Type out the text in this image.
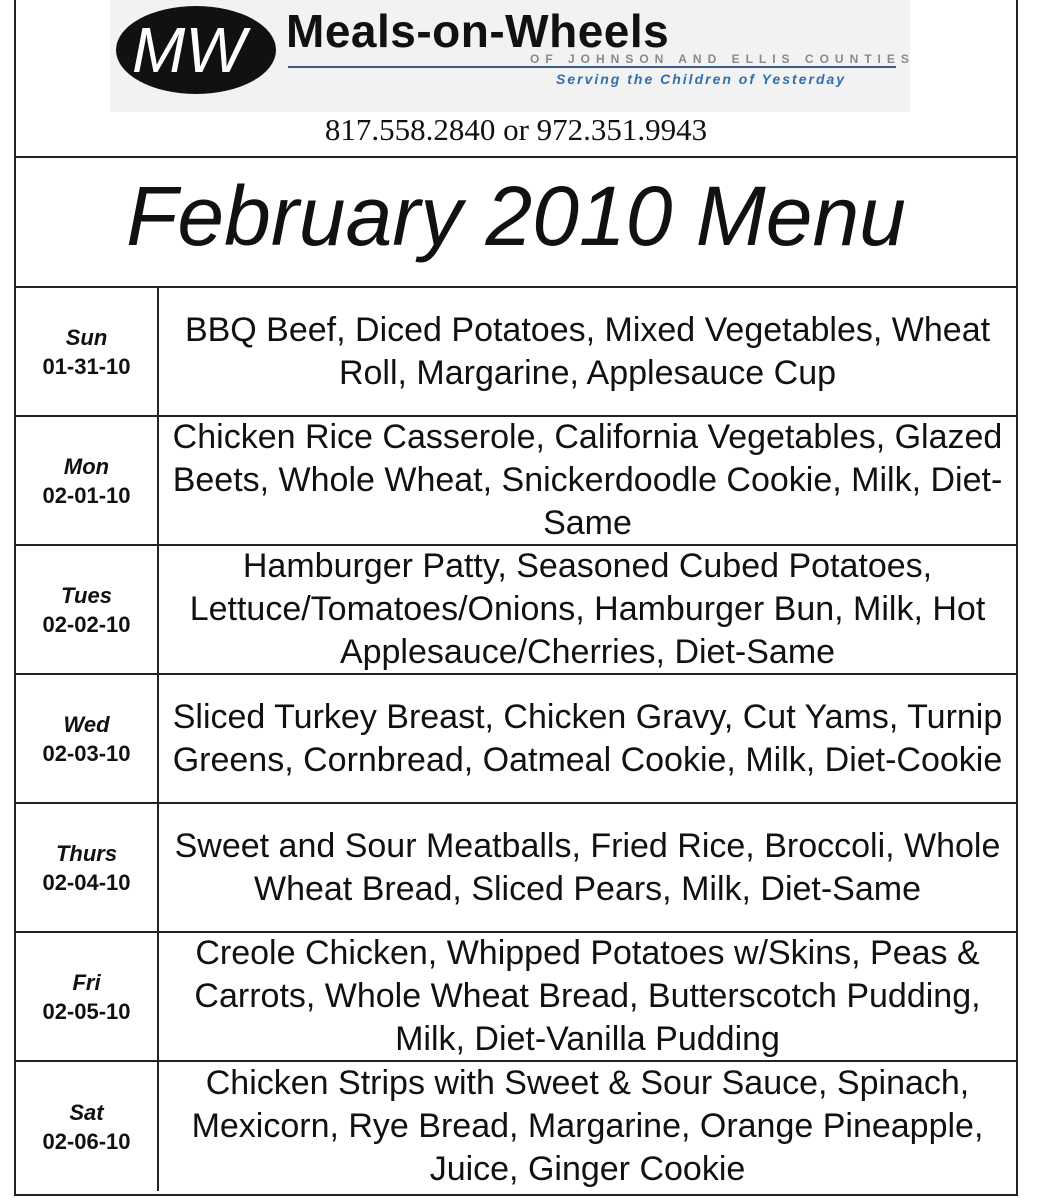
MW Meals-on-Wheels
OF JOHNSON AND ELLIS COUNTIES
Serving the Children of Yesterday
817.558.2840 or 972.351.9943
February 2010 Menu
Sun
01-31-10
BBQ Beef, Diced Potatoes, Mixed Vegetables, Wheat Roll, Margarine, Applesauce Cup
Mon
02-01-10
Chicken Rice Casserole, California Vegetables, Glazed Beets, Whole Wheat, Snickerdoodle Cookie, Milk, Diet-Same
Tues
02-02-10
Hamburger Patty, Seasoned Cubed Potatoes, Lettuce/Tomatoes/Onions, Hamburger Bun, Milk, Hot Applesauce/Cherries, Diet-Same
Wed
02-03-10
Sliced Turkey Breast, Chicken Gravy, Cut Yams, Turnip Greens, Cornbread, Oatmeal Cookie, Milk, Diet-Cookie
Thurs
02-04-10
Sweet and Sour Meatballs, Fried Rice, Broccoli, Whole Wheat Bread, Sliced Pears, Milk, Diet-Same
Fri
02-05-10
Creole Chicken, Whipped Potatoes w/Skins, Peas & Carrots, Whole Wheat Bread, Butterscotch Pudding, Milk, Diet-Vanilla Pudding
Sat
02-06-10
Chicken Strips with Sweet & Sour Sauce, Spinach, Mexicorn, Rye Bread, Margarine, Orange Pineapple, Juice, Ginger Cookie
